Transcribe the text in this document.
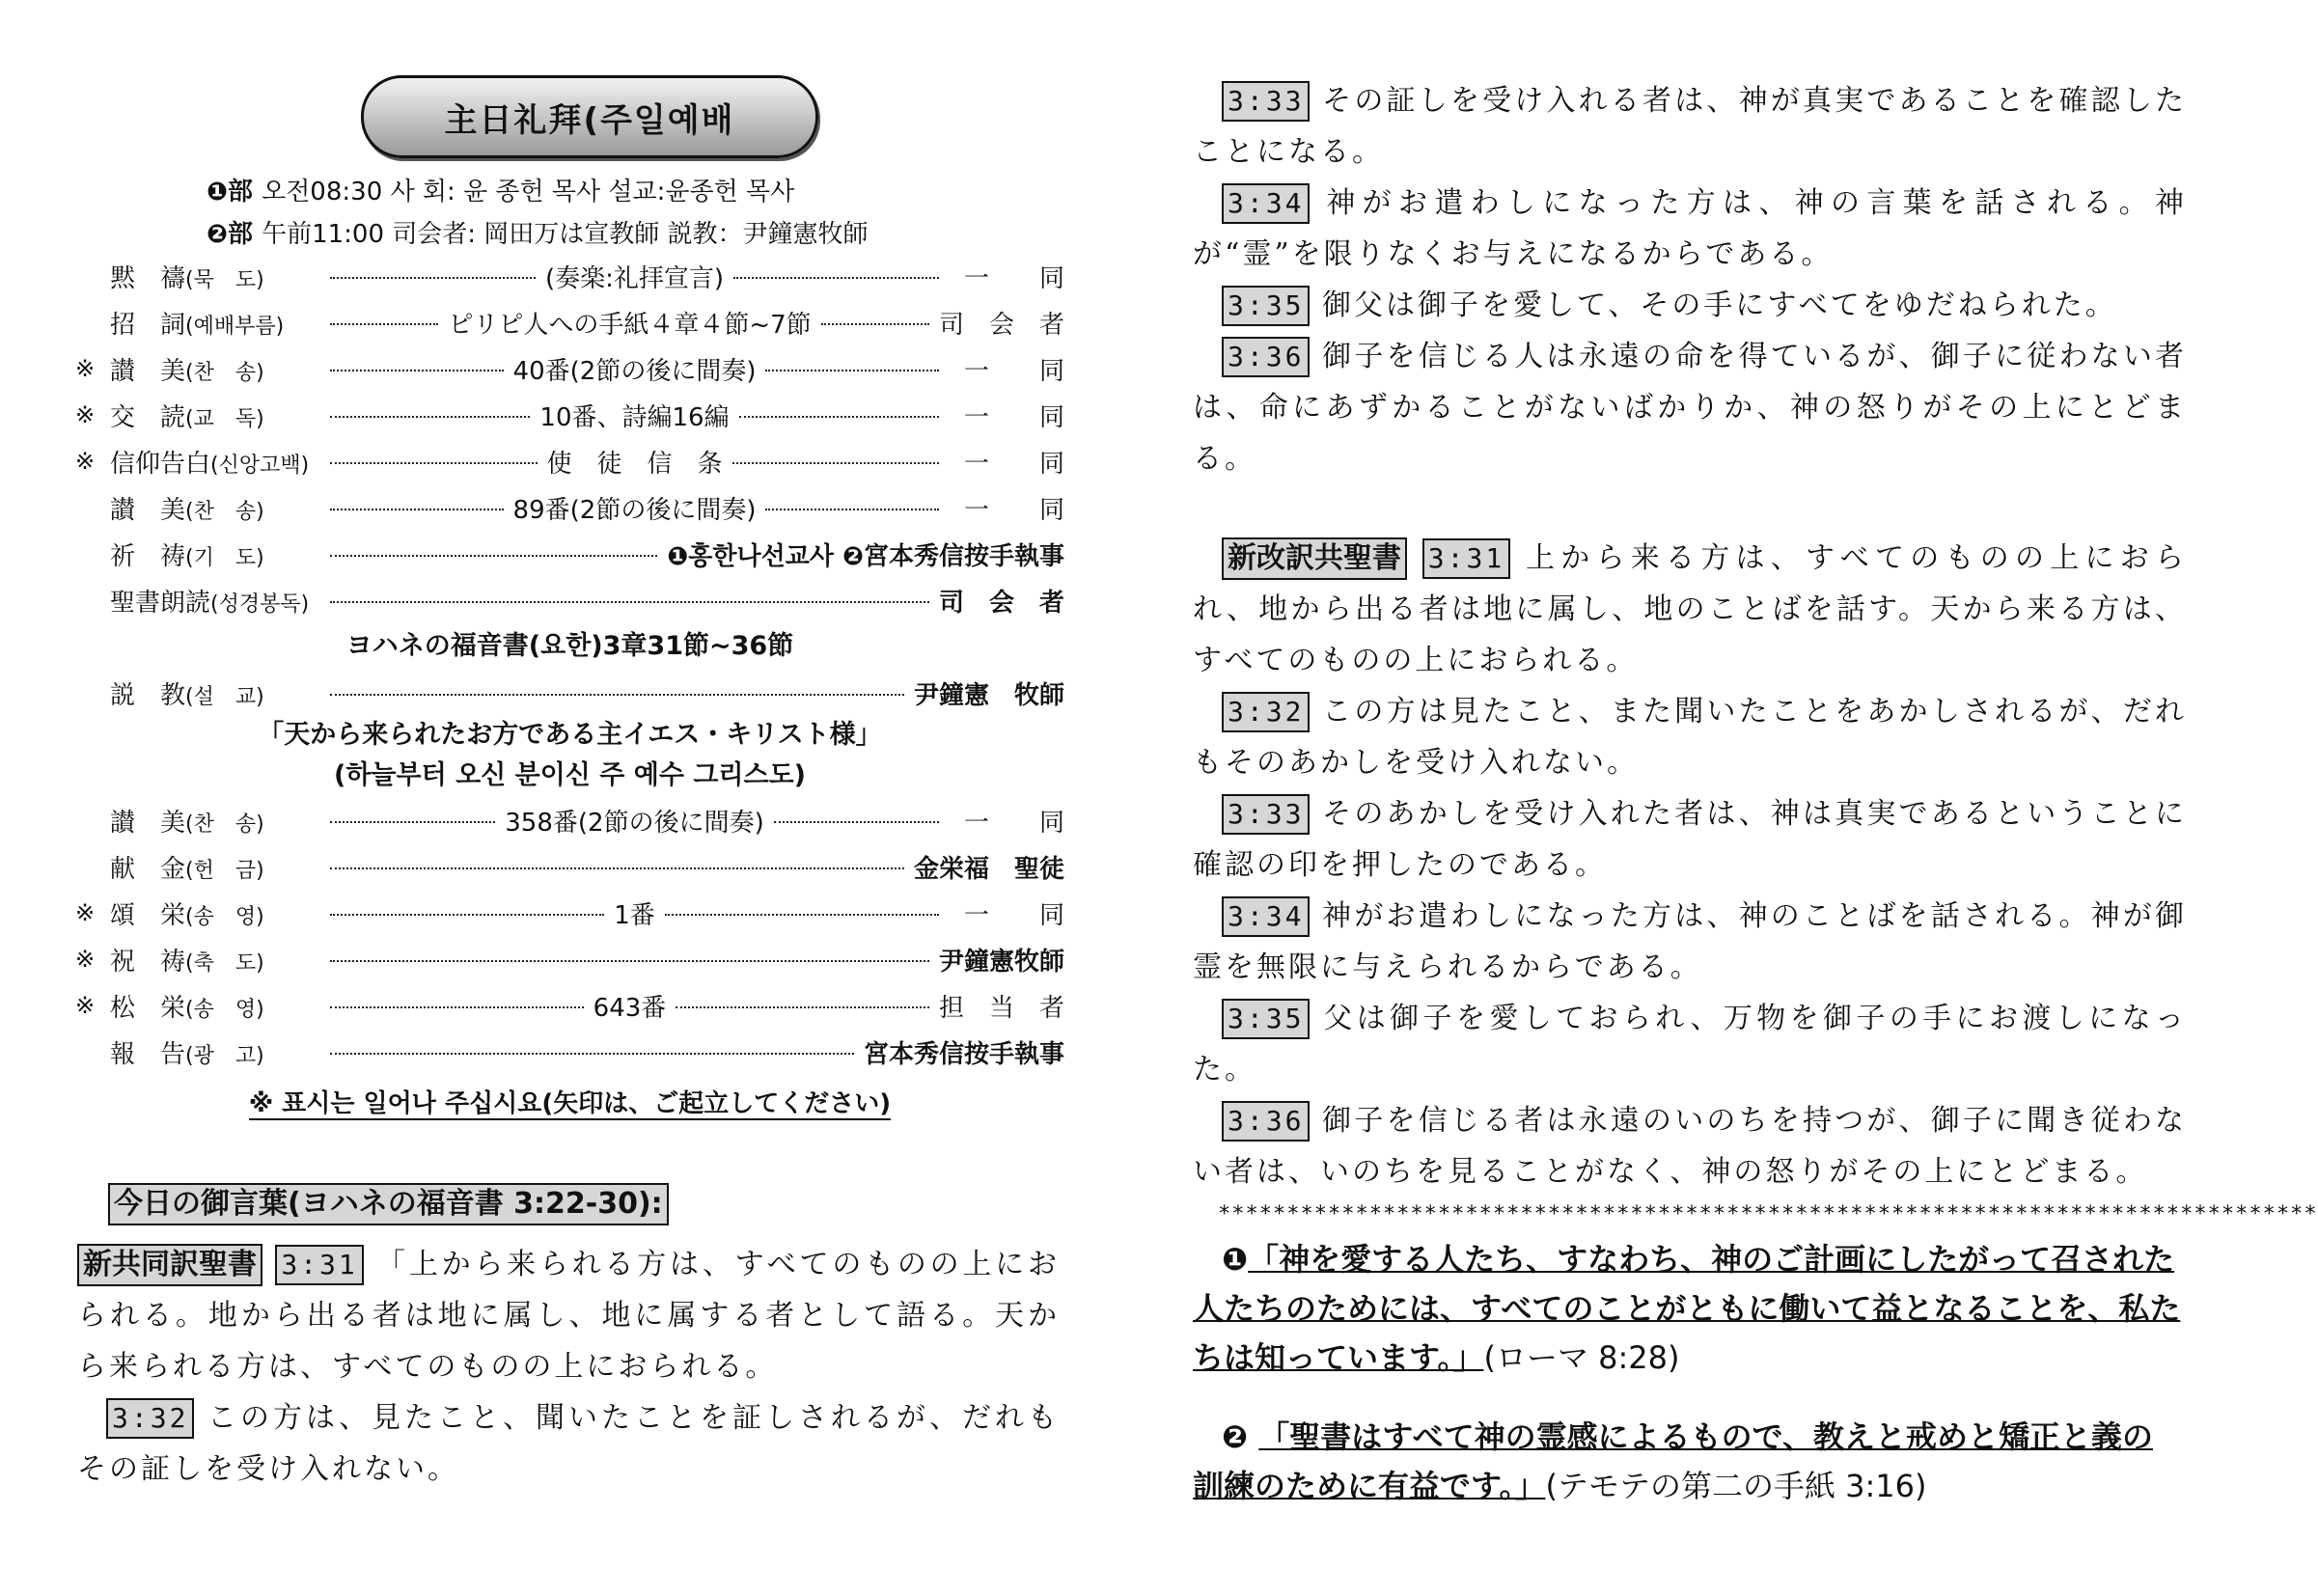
主日礼拜(주일예배
❶部 오전08:30 사 회: 윤 종헌 목사 설교:윤종헌 목사
❷部 午前11:00 司会者: 岡田万は宣教師 説教：尹鐘憲牧師
黙　禱(묵　도)	(奏楽:礼拝宣言)	一　　同
招　詞(예배부름)	ピリピ人への手紙４章４節~7節	司　会　者
※ 讃　美(찬　송)	40番(2節の後に間奏)	一　　同
※ 交　読(교　독)	10番、詩編16編	一　　同
※ 信仰告白(신앙고백)	使　徒　信　条	一　　同
讃　美(찬　송)	89番(2節の後に間奏)	一　　同
祈　祷(기　도)	❶홍한나선교사 ❷宮本秀信按手執事
聖書朗読(성경봉독)	司　会　者
ヨハネの福音書(요한)3章31節~36節
説　教(설　교)	尹鐘憲　牧師
「天から来られたお方である主イエス・キリスト様」
(하늘부터 오신 분이신 주 예수 그리스도)
讃　美(찬　송)	358番(2節の後に間奏)	一　　同
献　金(헌　금)	金栄福　聖徒
※ 頌　栄(송　영)	1番	一　　同
※ 祝　祷(축　도)	尹鐘憲牧師
※ 松　栄(송　영)	643番	担　当　者
報　告(광　고)	宮本秀信按手執事
※ 표시는 일어나 주십시요(矢印は、ご起立してください)
今日の御言葉(ヨハネの福音書 3:22-30):

新共同訳聖書 3:31 「上から来られる方は、すべてのものの上におられる。地から出る者は地に属し、地に属する者として語る。天から来られる方は、すべてのものの上におられる。

3:32 この方は、見たこと、聞いたことを証しされるが、だれもその証しを受け入れない。

3:33 その証しを受け入れる者は、神が真実であることを確認したことになる。

3:34 神がお遣わしになった方は、神の言葉を話される。神が“霊”を限りなくお与えになるからである。

3:35 御父は御子を愛して、その手にすべてをゆだねられた。

3:36 御子を信じる人は永遠の命を得ているが、御子に従わない者は、命にあずかることがないばかりか、神の怒りがその上にとどまる。

新改訳共聖書 3:31 上から来る方は、すべてのものの上におられ、地から出る者は地に属し、地のことばを話す。天から来る方は、すべてのものの上におられる。

3:32 この方は見たこと、また聞いたことをあかしされるが、だれもそのあかしを受け入れない。

3:33 そのあかしを受け入れた者は、神は真実であるということに確認の印を押したのである。

3:34 神がお遣わしになった方は、神のことばを話される。神が御霊を無限に与えられるからである。

3:35 父は御子を愛しておられ、万物を御子の手にお渡しになった。

3:36 御子を信じる者は永遠のいのちを持つが、御子に聞き従わない者は、いのちを見ることがなく、神の怒りがその上にとどまる。

********************************************************************************
❶「神を愛する人たち、すなわち、神のご計画にしたがって召された人たちのためには、すべてのことがともに働いて益となることを、私たちは知っています。」(ローマ 8:28)
❷ 「聖書はすべて神の霊感によるもので、教えと戒めと矯正と義の訓練のために有益です。」(テモテの第二の手紙 3:16)
